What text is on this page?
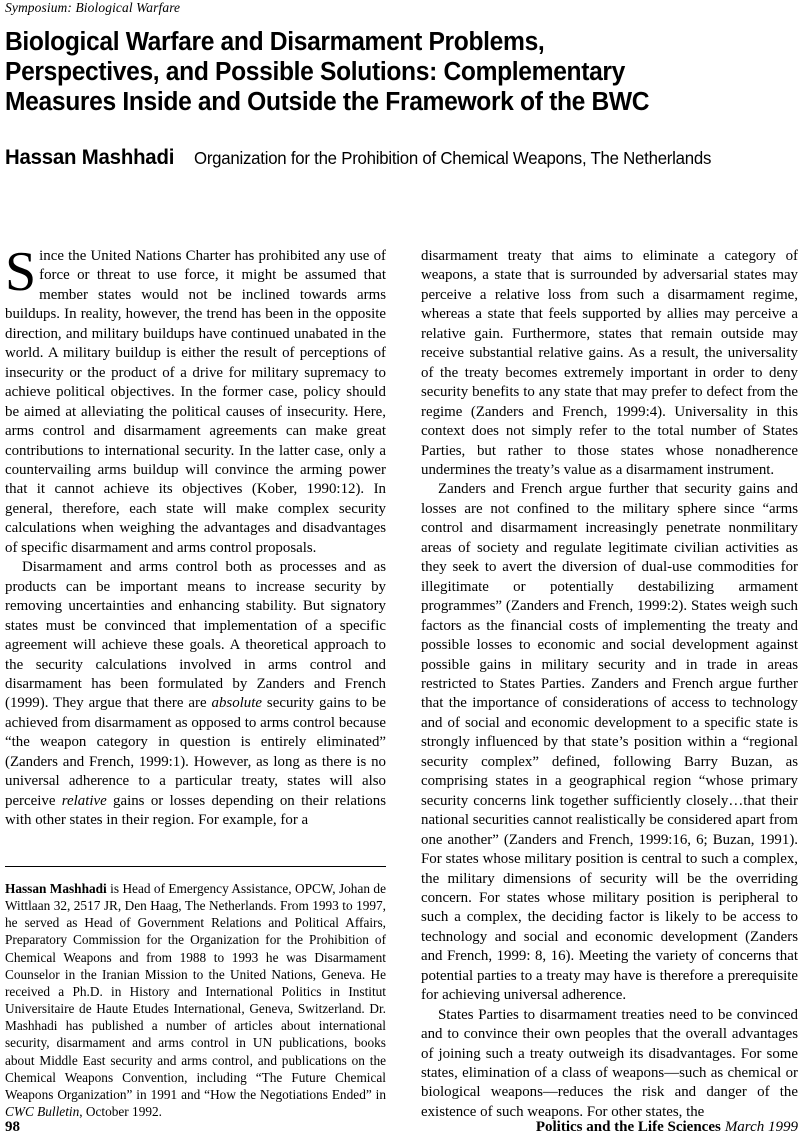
Symposium: Biological Warfare
Biological Warfare and Disarmament Problems,
Perspectives, and Possible Solutions: Complementary
Measures Inside and Outside the Framework of the BWC
Hassan Mashhadi Organization for the Prohibition of Chemical Weapons, The Netherlands

Since the United Nations Charter has prohibited any use of force or threat to use force, it might be assumed that member states would not be inclined towards arms buildups. In reality, however, the trend has been in the opposite direction, and military buildups have continued unabated in the world. A military buildup is either the result of perceptions of insecurity or the product of a drive for military supremacy to achieve political objectives. In the former case, policy should be aimed at alleviating the political causes of insecurity. Here, arms control and disarmament agreements can make great contributions to international security. In the latter case, only a countervailing arms buildup will convince the arming power that it cannot achieve its objectives (Kober, 1990:12). In general, therefore, each state will make complex security calculations when weighing the advantages and disadvantages of specific disarmament and arms control proposals.

Disarmament and arms control both as processes and as products can be important means to increase security by removing uncertainties and enhancing stability. But signatory states must be convinced that implementation of a specific agreement will achieve these goals. A theoretical approach to the security calculations involved in arms control and disarmament has been formulated by Zanders and French (1999). They argue that there are absolute security gains to be achieved from disarmament as opposed to arms control because “the weapon category in question is entirely eliminated” (Zanders and French, 1999:1). However, as long as there is no universal adherence to a particular treaty, states will also perceive relative gains or losses depending on their relations with other states in their region. For example, for a

disarmament treaty that aims to eliminate a category of weapons, a state that is surrounded by adversarial states may perceive a relative loss from such a disarmament regime, whereas a state that feels supported by allies may perceive a relative gain. Furthermore, states that remain outside may receive substantial relative gains. As a result, the universality of the treaty becomes extremely important in order to deny security benefits to any state that may prefer to defect from the regime (Zanders and French, 1999:4). Universality in this context does not simply refer to the total number of States Parties, but rather to those states whose nonadherence undermines the treaty’s value as a disarmament instrument.

Zanders and French argue further that security gains and losses are not confined to the military sphere since “arms control and disarmament increasingly penetrate nonmilitary areas of society and regulate legitimate civilian activities as they seek to avert the diversion of dual-use commodities for illegitimate or potentially destabilizing armament programmes” (Zanders and French, 1999:2). States weigh such factors as the financial costs of implementing the treaty and possible losses to economic and social development against possible gains in military security and in trade in areas restricted to States Parties. Zanders and French argue further that the importance of considerations of access to technology and of social and economic development to a specific state is strongly influenced by that state’s position within a “regional security complex” defined, following Barry Buzan, as comprising states in a geographical region “whose primary security concerns link together sufficiently closely…that their national securities cannot realistically be considered apart from one another” (Zanders and French, 1999:16, 6; Buzan, 1991). For states whose military position is central to such a complex, the military dimensions of security will be the overriding concern. For states whose military position is peripheral to such a complex, the deciding factor is likely to be access to technology and social and economic development (Zanders and French, 1999: 8, 16). Meeting the variety of concerns that potential parties to a treaty may have is therefore a prerequisite for achieving universal adherence.

States Parties to disarmament treaties need to be convinced and to convince their own peoples that the overall advantages of joining such a treaty outweigh its disadvantages. For some states, elimination of a class of weapons—such as chemical or biological weapons—reduces the risk and danger of the existence of such weapons. For other states, the

Hassan Mashhadi is Head of Emergency Assistance, OPCW, Johan de Wittlaan 32, 2517 JR, Den Haag, The Netherlands. From 1993 to 1997, he served as Head of Government Relations and Political Affairs, Preparatory Commission for the Organization for the Prohibition of Chemical Weapons and from 1988 to 1993 he was Disarmament Counselor in the Iranian Mission to the United Nations, Geneva. He received a Ph.D. in History and International Politics in Institut Universitaire de Haute Etudes International, Geneva, Switzerland. Dr. Mashhadi has published a number of articles about international security, disarmament and arms control in UN publications, books about Middle East security and arms control, and publications on the Chemical Weapons Convention, including “The Future Chemical Weapons Organization” in 1991 and “How the Negotiations Ended” in CWC Bulletin, October 1992.

98	Politics and the Life Sciences March 1999
